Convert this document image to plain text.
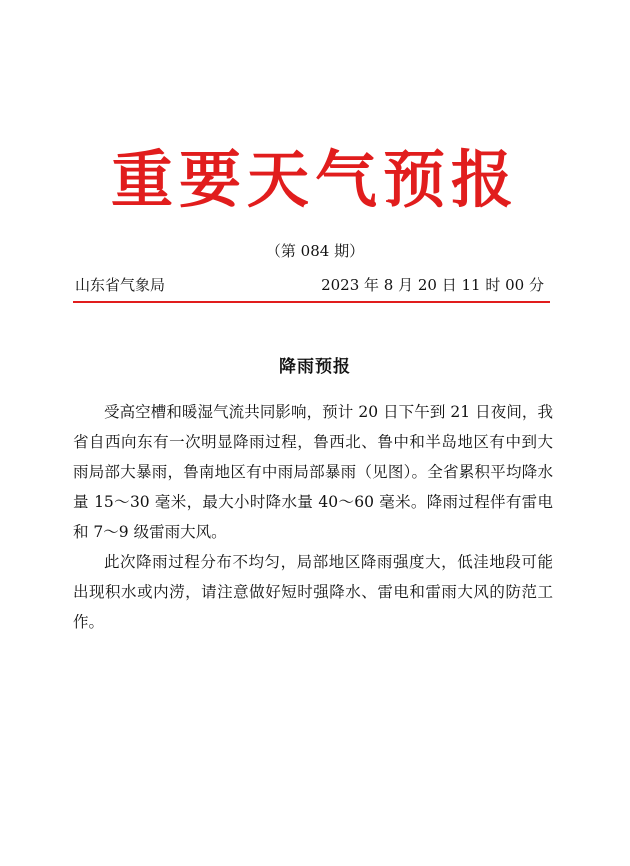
重要天气预报
（第 084 期）
山东省气象局	2023 年 8 月 20 日 11 时 00 分
降雨预报

受高空槽和暖湿气流共同影响，预计 20 日下午到 21 日夜间，我省自西向东有一次明显降雨过程，鲁西北、鲁中和半岛地区有中到大雨局部大暴雨，鲁南地区有中雨局部暴雨（见图）。全省累积平均降水量 15～30 毫米，最大小时降水量 40～60 毫米。降雨过程伴有雷电和 7～9 级雷雨大风。

此次降雨过程分布不均匀，局部地区降雨强度大，低洼地段可能出现积水或内涝，请注意做好短时强降水、雷电和雷雨大风的防范工作。
